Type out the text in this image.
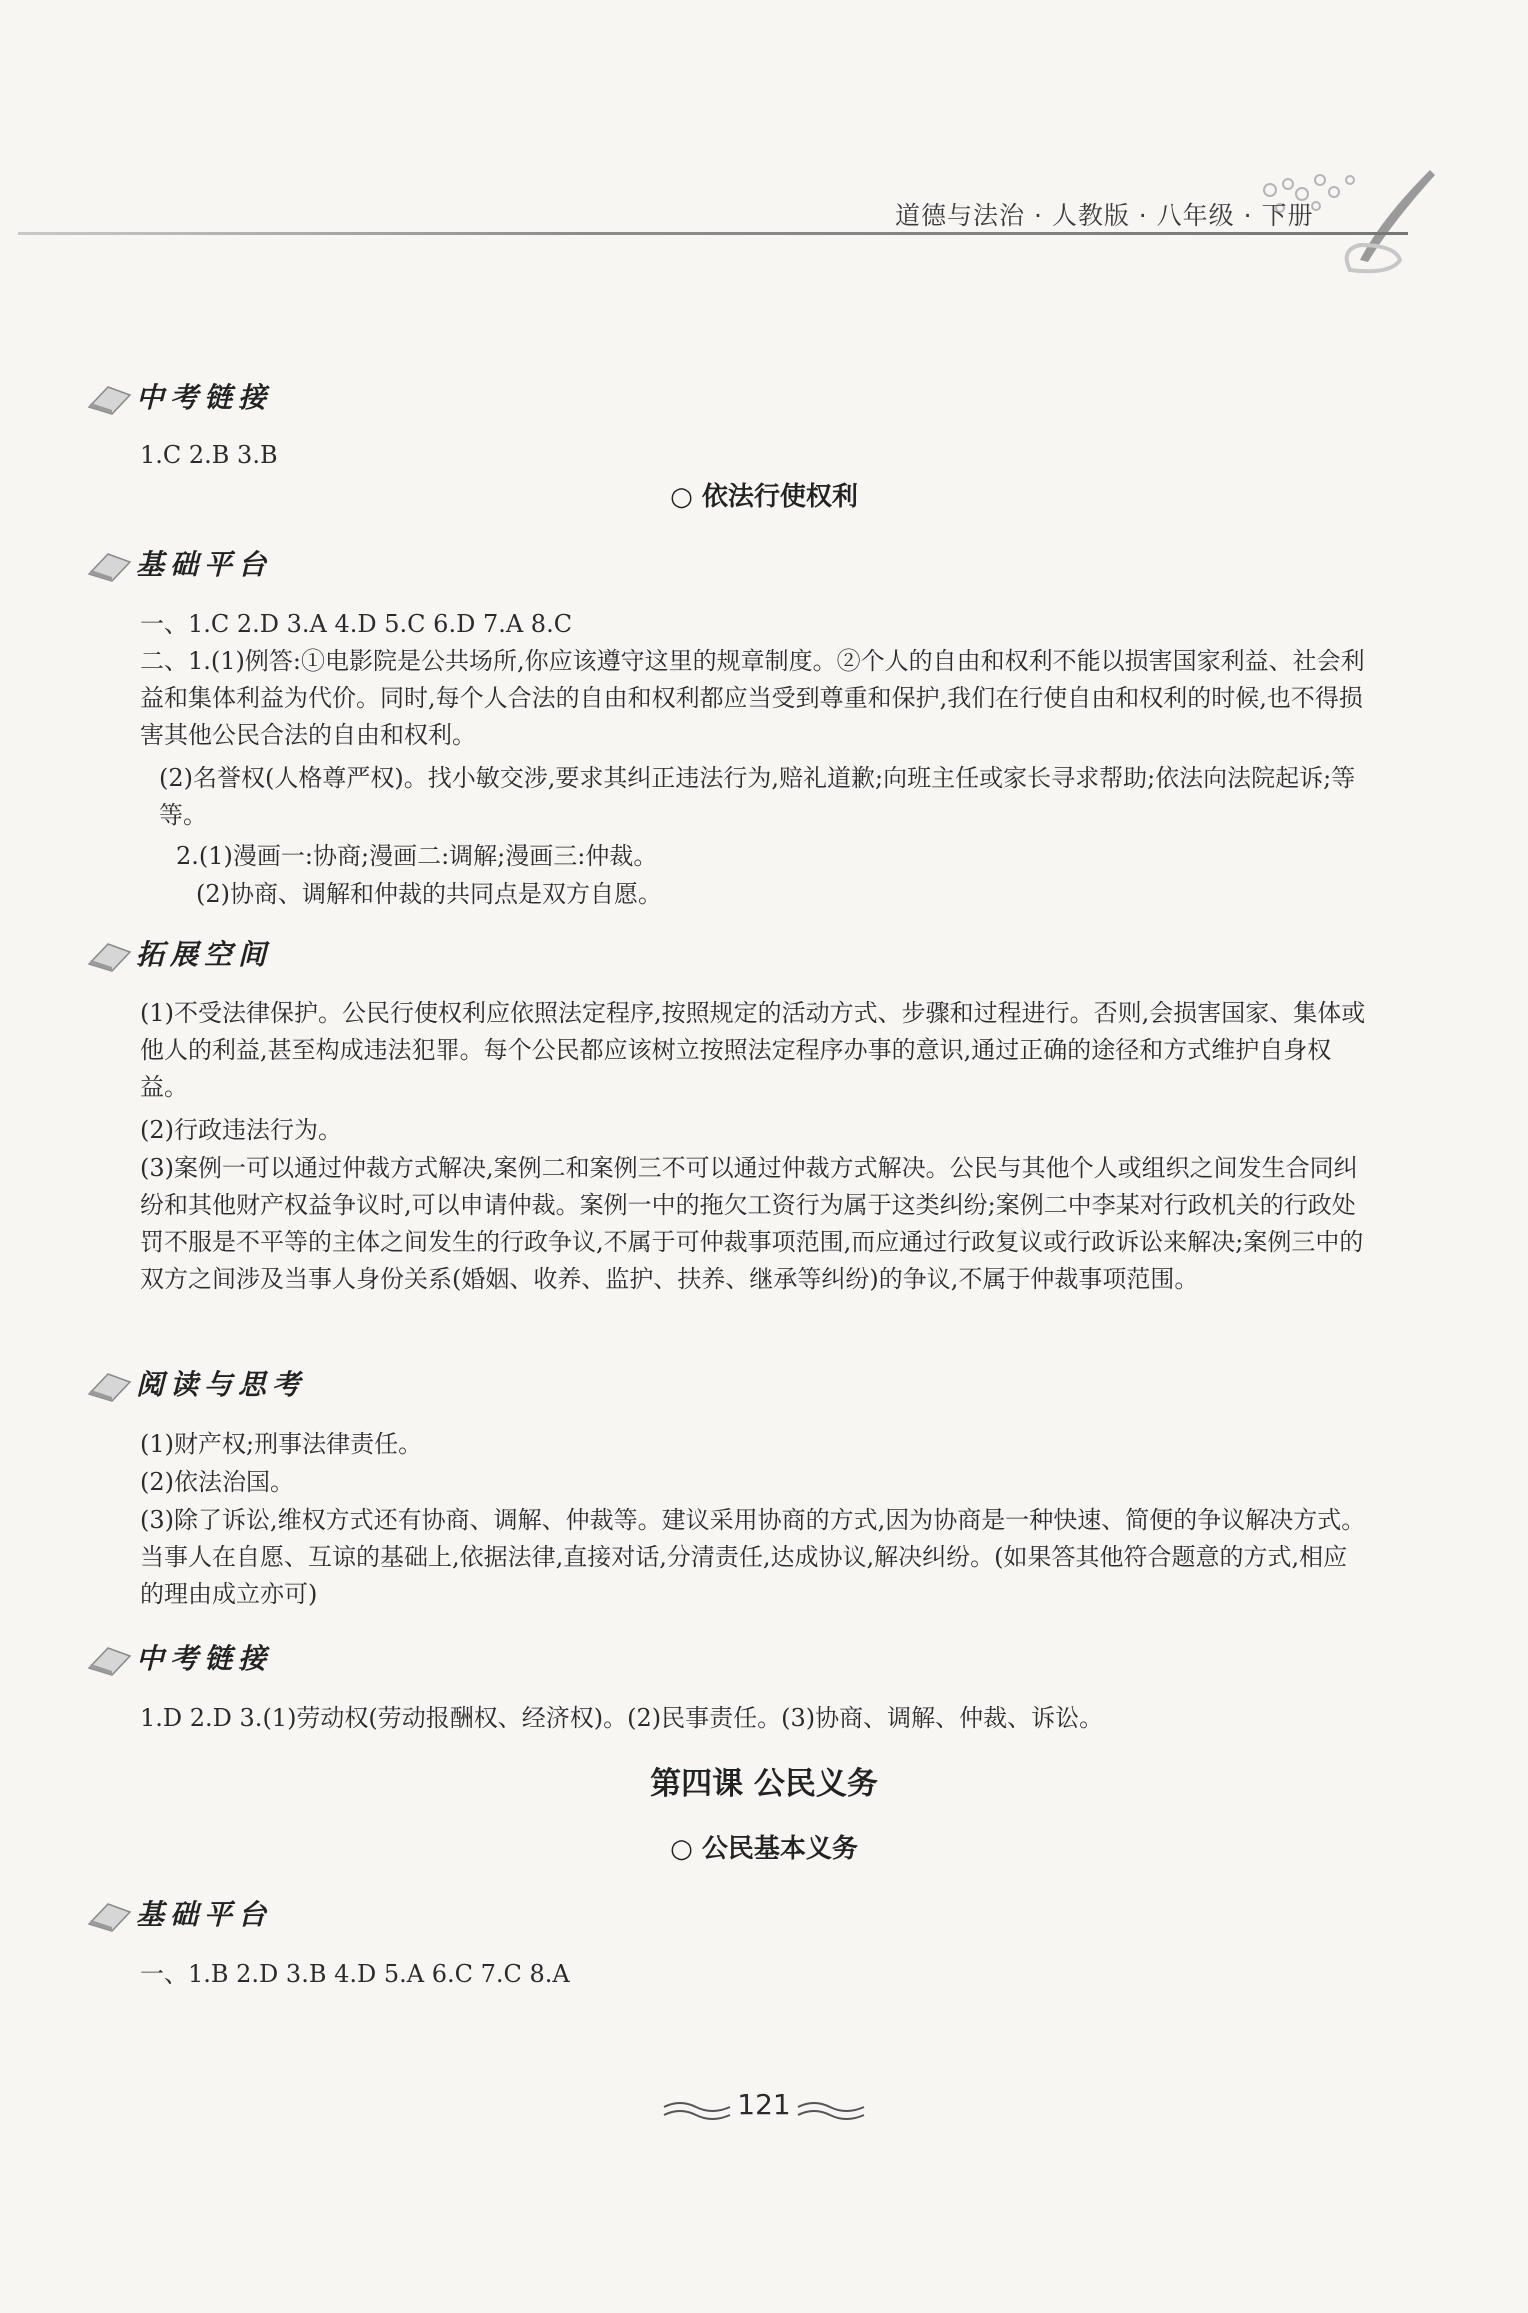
道德与法治 · 人教版 · 八年级 · 下册
中考链接
1.C 2.B 3.B
○ 依法行使权利
基础平台
一、1.C 2.D 3.A 4.D 5.C 6.D 7.A 8.C
二、1.(1)例答:①电影院是公共场所,你应该遵守这里的规章制度。②个人的自由和权利不能以损害国家利益、社会利益和集体利益为代价。同时,每个人合法的自由和权利都应当受到尊重和保护,我们在行使自由和权利的时候,也不得损害其他公民合法的自由和权利。
(2)名誉权(人格尊严权)。找小敏交涉,要求其纠正违法行为,赔礼道歉;向班主任或家长寻求帮助;依法向法院起诉;等等。
2.(1)漫画一:协商;漫画二:调解;漫画三:仲裁。
(2)协商、调解和仲裁的共同点是双方自愿。
拓展空间
(1)不受法律保护。公民行使权利应依照法定程序,按照规定的活动方式、步骤和过程进行。否则,会损害国家、集体或他人的利益,甚至构成违法犯罪。每个公民都应该树立按照法定程序办事的意识,通过正确的途径和方式维护自身权益。
(2)行政违法行为。
(3)案例一可以通过仲裁方式解决,案例二和案例三不可以通过仲裁方式解决。公民与其他个人或组织之间发生合同纠纷和其他财产权益争议时,可以申请仲裁。案例一中的拖欠工资行为属于这类纠纷;案例二中李某对行政机关的行政处罚不服是不平等的主体之间发生的行政争议,不属于可仲裁事项范围,而应通过行政复议或行政诉讼来解决;案例三中的双方之间涉及当事人身份关系(婚姻、收养、监护、扶养、继承等纠纷)的争议,不属于仲裁事项范围。
阅读与思考
(1)财产权;刑事法律责任。
(2)依法治国。
(3)除了诉讼,维权方式还有协商、调解、仲裁等。建议采用协商的方式,因为协商是一种快速、简便的争议解决方式。当事人在自愿、互谅的基础上,依据法律,直接对话,分清责任,达成协议,解决纠纷。(如果答其他符合题意的方式,相应的理由成立亦可)
中考链接
1.D 2.D 3.(1)劳动权(劳动报酬权、经济权)。(2)民事责任。(3)协商、调解、仲裁、诉讼。
第四课 公民义务
○ 公民基本义务
基础平台
一、1.B 2.D 3.B 4.D 5.A 6.C 7.C 8.A
121
